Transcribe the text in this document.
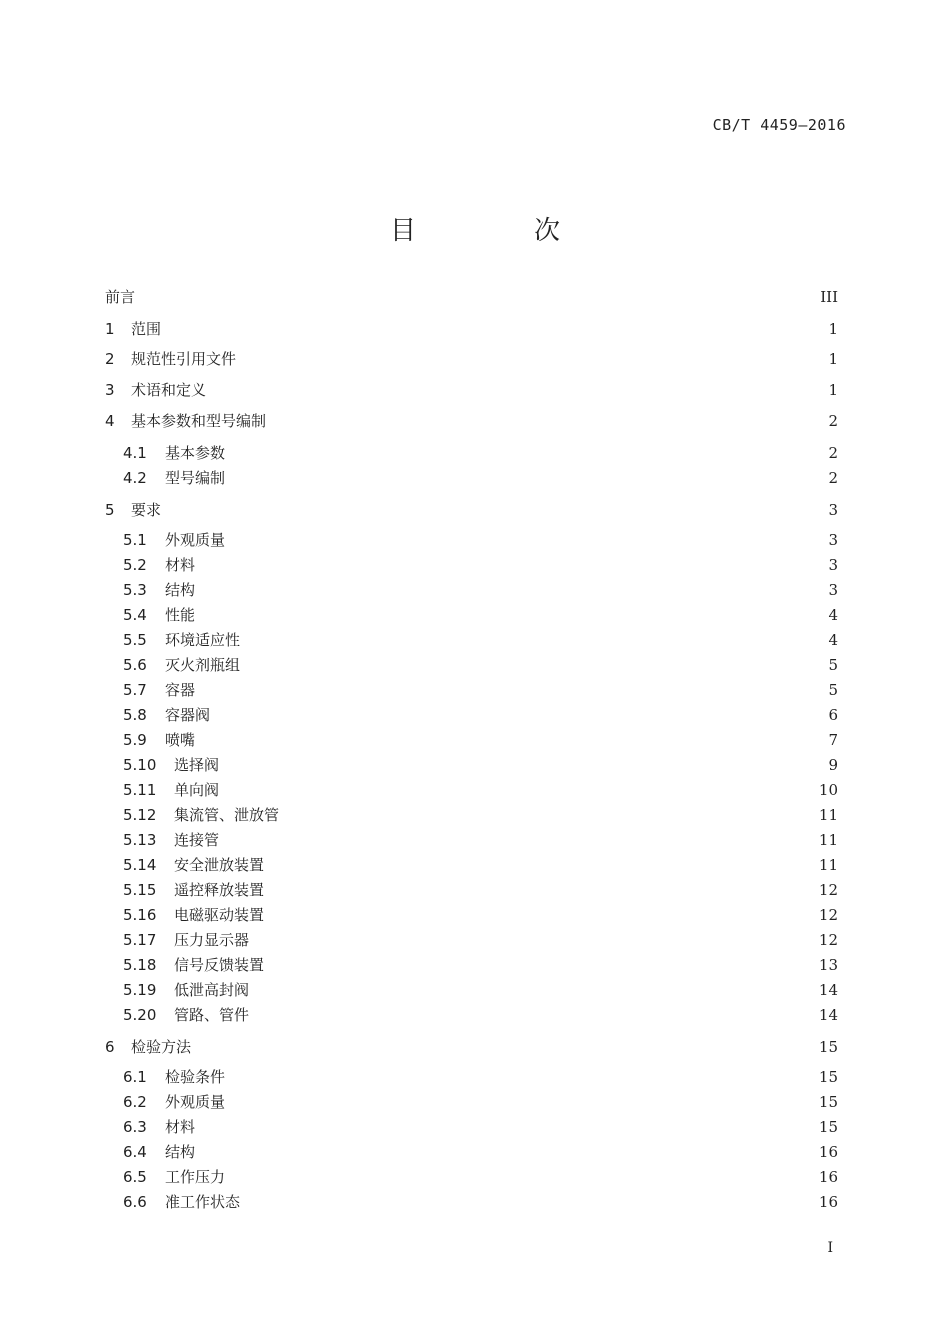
CB/T 4459—2016
目　次
前言	III
1	范围	1
2	规范性引用文件	1
3	术语和定义	1
4	基本参数和型号编制	2
4.1	基本参数	2
4.2	型号编制	2
5	要求	3
5.1	外观质量	3
5.2	材料	3
5.3	结构	3
5.4	性能	4
5.5	环境适应性	4
5.6	灭火剂瓶组	5
5.7	容器	5
5.8	容器阀	6
5.9	喷嘴	7
5.10	选择阀	9
5.11	单向阀	10
5.12	集流管、泄放管	11
5.13	连接管	11
5.14	安全泄放装置	11
5.15	遥控释放装置	12
5.16	电磁驱动装置	12
5.17	压力显示器	12
5.18	信号反馈装置	13
5.19	低泄高封阀	14
5.20	管路、管件	14
6	检验方法	15
6.1	检验条件	15
6.2	外观质量	15
6.3	材料	15
6.4	结构	16
6.5	工作压力	16
6.6	准工作状态	16
I
